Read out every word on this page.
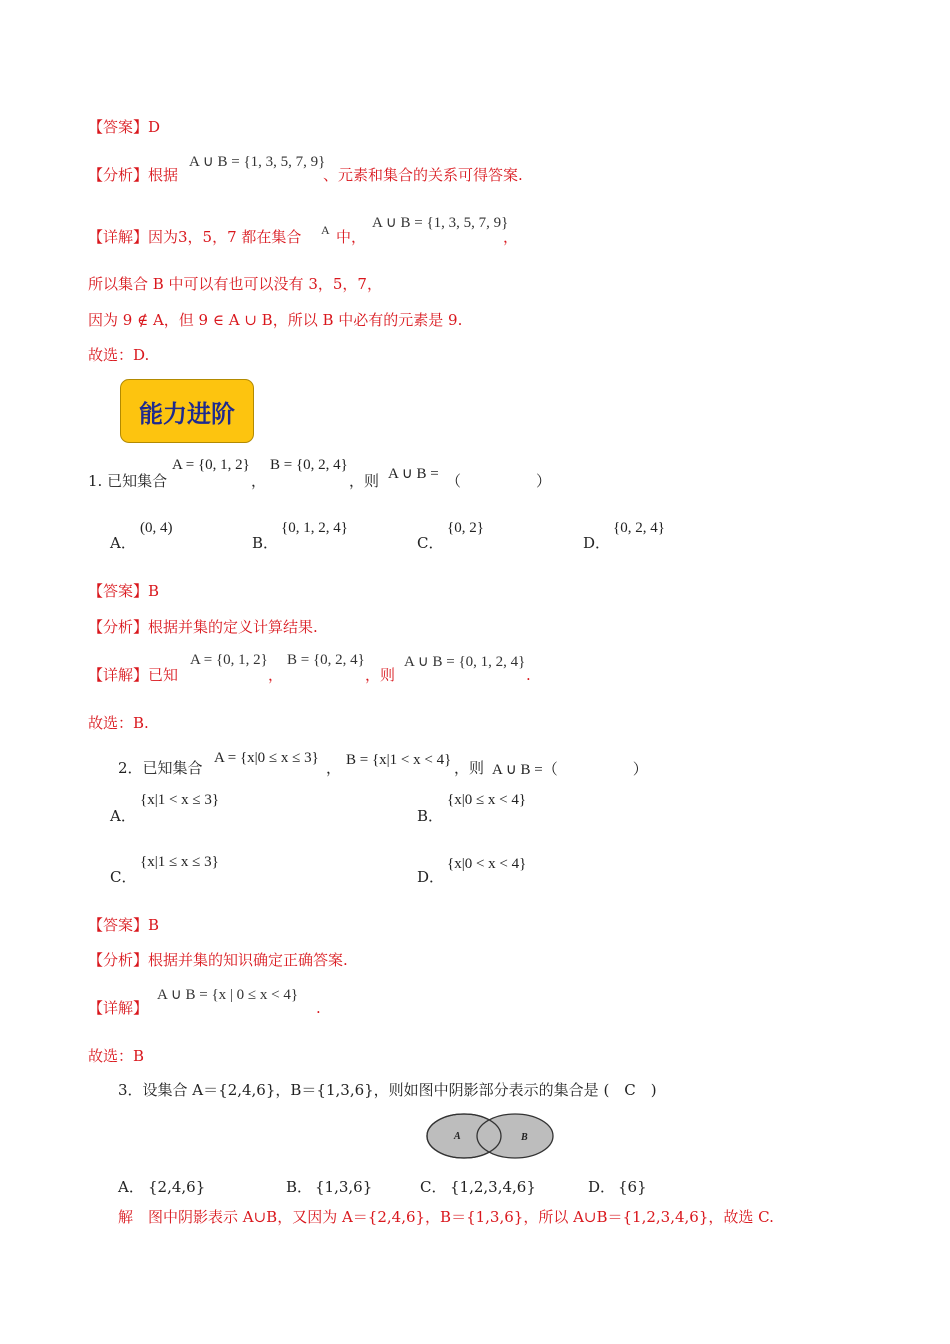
【答案】D
【分析】根据
A ∪ B = {1, 3, 5, 7, 9}
、元素和集合的关系可得答案.
【详解】因为3，5，7 都在集合 A 中，
A ∪ B = {1, 3, 5, 7, 9}
，
所以集合 B 中可以有也可以没有 3，5，7，
因为 9 ∉ A，但 9 ∈ A ∪ B，所以 B 中必有的元素是 9.
故选：D.
能力进阶
1. 已知集合
A = {0, 1, 2}
，
B = {0, 2, 4}
，则 A ∪ B = （　　　　　）
A．
(0, 4)
B．
{0, 1, 2, 4}
C．
{0, 2}
D．
{0, 2, 4}
【答案】B
【分析】根据并集的定义计算结果.
【详解】已知
A = {0, 1, 2}
，
B = {0, 2, 4}
，则
A ∪ B = {0, 1, 2, 4}
.
故选：B.
2．已知集合
A = {x|0 ≤ x ≤ 3}
， B = {x|1 < x < 4} ，则 A ∪ B =（　　　　　）
A．
{x|1 < x ≤ 3}
B．
{x|0 ≤ x < 4}
C．
{x|1 ≤ x ≤ 3}
D．
{x|0 < x < 4}
【答案】B
【分析】根据并集的知识确定正确答案.
【详解】
A ∪ B = {x | 0 ≤ x < 4}
.
故选：B
3．设集合 A＝{2,4,6}，B＝{1,3,6}，则如图中阴影部分表示的集合是 (　C　)
A	B
A． {2,4,6}	B． {1,3,6}	C． {1,2,3,4,6}	D． {6}
解　图中阴影表示 A∪B，又因为 A＝{2,4,6}，B＝{1,3,6}，所以 A∪B＝{1,2,3,4,6}，故选 C.
